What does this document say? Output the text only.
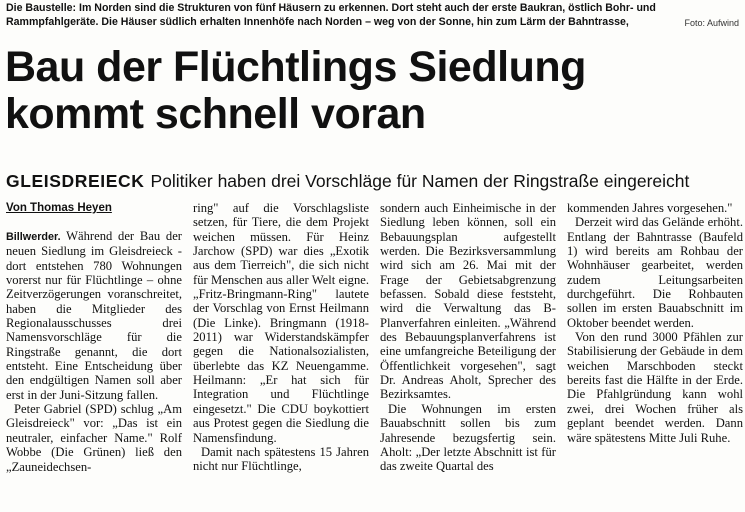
Die Baustelle: Im Norden sind die Strukturen von fünf Häusern zu erkennen. Dort steht auch der erste Baukran, östlich Bohr- und Rammpfahlgeräte. Die Häuser südlich erhalten Innenhöfe nach Norden – weg von der Sonne, hin zum Lärm der Bahntrasse,	Foto: Aufwind
Bau der Flüchtlings Siedlung
kommt schnell voran
GLEISDREIECK Politiker haben drei Vorschläge für Namen der Ringstraße eingereicht
Von Thomas Heyen

Billwerder. Während der Bau der neuen Siedlung im Gleisdreieck - dort entstehen 780 Wohnungen vorerst nur für Flüchtlinge – ohne Zeitverzögerungen voranschreitet, haben die Mitglieder des Regionalausschusses drei Namensvorschläge für die Ringstraße genannt, die dort entsteht. Eine Entscheidung über den endgültigen Namen soll aber erst in der Juni-Sitzung fallen.

Peter Gabriel (SPD) schlug „Am Gleisdreieck" vor: „Das ist ein neutraler, einfacher Name." Rolf Wobbe (Die Grünen) ließ den „Zauneidechsen-

ring" auf die Vorschlagsliste setzen, für Tiere, die dem Projekt weichen müssen. Für Heinz Jarchow (SPD) war dies „Exotik aus dem Tierreich", die sich nicht für Menschen aus aller Welt eigne. „Fritz-Bringmann-Ring" lautete der Vorschlag von Ernst Heilmann (Die Linke). Bringmann (1918-2011) war Widerstandskämpfer gegen die Nationalsozialisten, überlebte das KZ Neuengamme. Heilmann: „Er hat sich für Integration und Flüchtlinge eingesetzt." Die CDU boykottiert aus Protest gegen die Siedlung die Namensfindung.

Damit nach spätestens 15 Jahren nicht nur Flüchtlinge,

sondern auch Einheimische in der Siedlung leben können, soll ein Bebauungsplan aufgestellt werden. Die Bezirksversammlung wird sich am 26. Mai mit der Frage der Gebietsabgrenzung befassen. Sobald diese feststeht, wird die Verwaltung das B-Planverfahren einleiten. „Während des Bebauungsplanverfahrens ist eine umfangreiche Beteiligung der Öffentlichkeit vorgesehen", sagt Dr. Andreas Aholt, Sprecher des Bezirksamtes.

Die Wohnungen im ersten Bauabschnitt sollen bis zum Jahresende bezugsfertig sein. Aholt: „Der letzte Abschnitt ist für das zweite Quartal des

kommenden Jahres vorgesehen."

Derzeit wird das Gelände erhöht. Entlang der Bahntrasse (Baufeld 1) wird bereits am Rohbau der Wohnhäuser gearbeitet, werden zudem Leitungsarbeiten durchgeführt. Die Rohbauten sollen im ersten Bauabschnitt im Oktober beendet werden.

Von den rund 3000 Pfählen zur Stabilisierung der Gebäude in dem weichen Marschboden steckt bereits fast die Hälfte in der Erde. Die Pfahlgründung kann wohl zwei, drei Wochen früher als geplant beendet werden. Dann wäre spätestens Mitte Juli Ruhe.
